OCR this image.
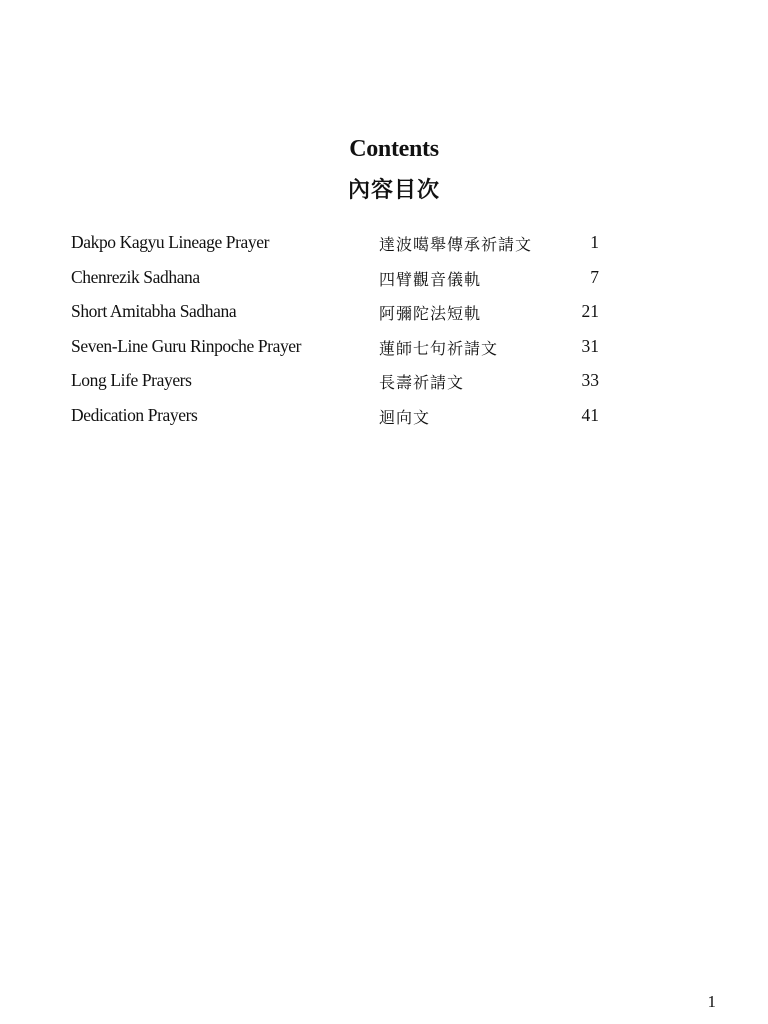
Contents
內容目次
Dakpo Kagyu Lineage Prayer	達波噶舉傳承祈請文	1
Chenrezik Sadhana	四臂觀音儀軌	7
Short Amitabha Sadhana	阿彌陀法短軌	21
Seven-Line Guru Rinpoche Prayer	蓮師七句祈請文	31
Long Life Prayers	長壽祈請文	33
Dedication Prayers	迴向文	41
1
